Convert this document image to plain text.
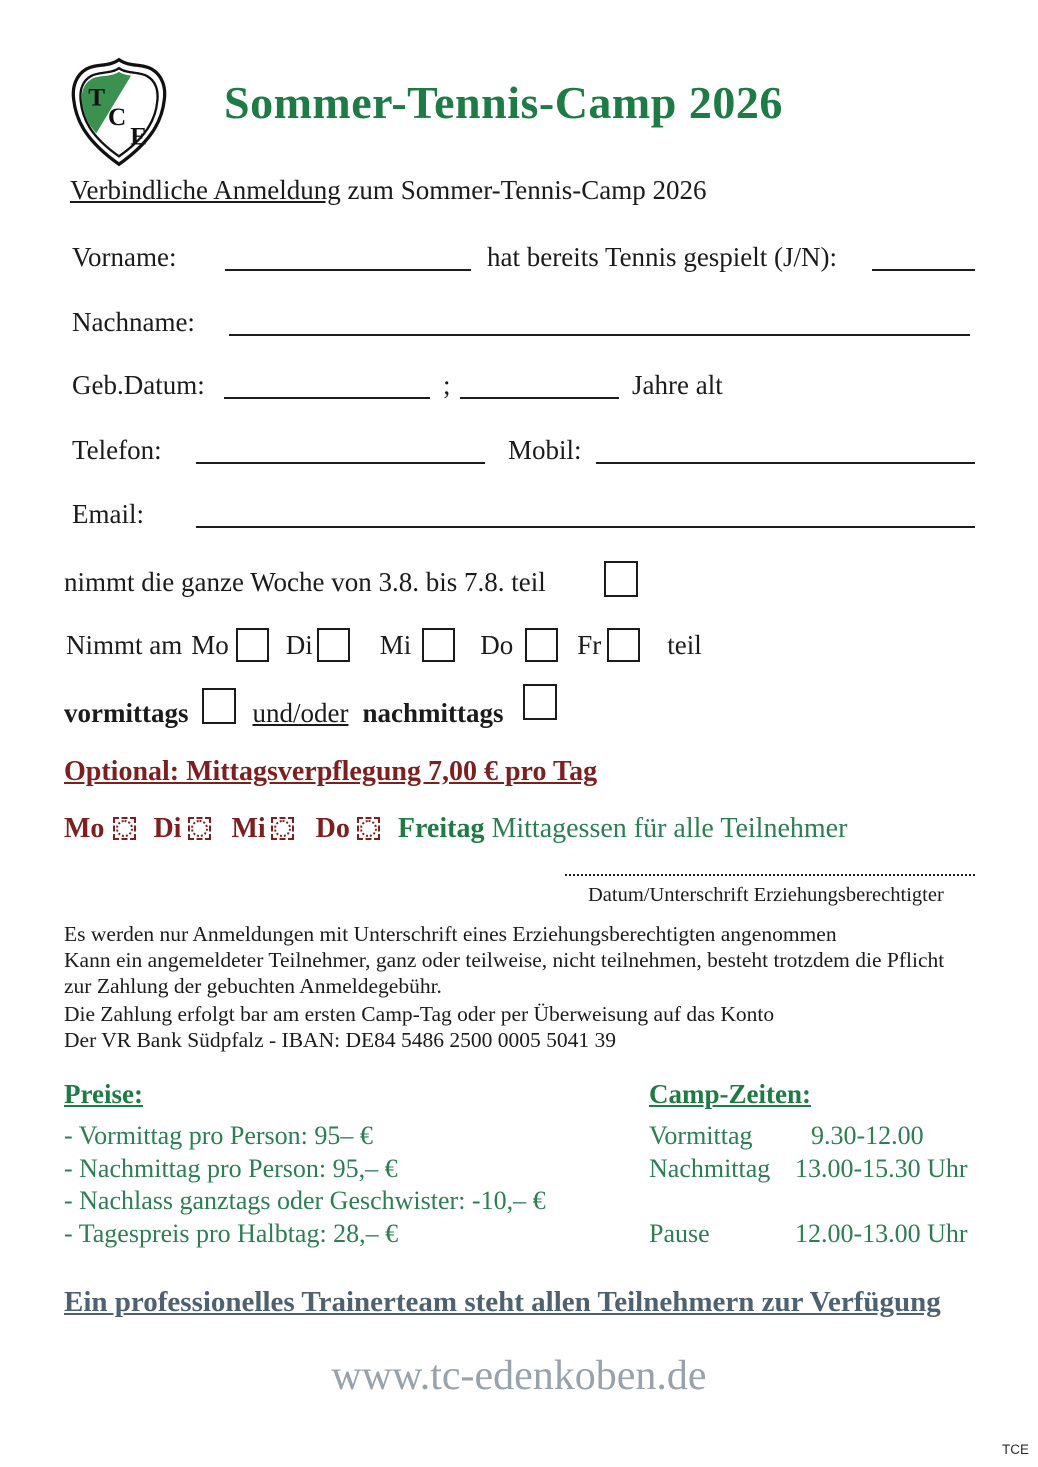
T
C
E
Sommer-Tennis-Camp 2026
Verbindliche Anmeldung zum Sommer-Tennis-Camp 2026
Vorname:	hat bereits Tennis gespielt (J/N):
Nachname:
Geb.Datum:	;	Jahre alt
Telefon:	Mobil:
Email:
nimmt die ganze Woche von 3.8. bis 7.8. teil
Nimmt am Mo Di Mi	Do Fr teil
vormittags und/oder nachmittags
Optional: Mittagsverpflegung 7,00 € pro Tag
Mo Di Mi Do Freitag Mittagessen für alle Teilnehmer
Datum/Unterschrift Erziehungsberechtigter
Es werden nur Anmeldungen mit Unterschrift eines Erziehungsberechtigten angenommen
Kann ein angemeldeter Teilnehmer, ganz oder teilweise, nicht teilnehmen, besteht trotzdem die Pflicht
zur Zahlung der gebuchten Anmeldegebühr.
Die Zahlung erfolgt bar am ersten Camp-Tag oder per Überweisung auf das Konto
Der VR Bank Südpfalz - IBAN: DE84 5486 2500 0005 5041 39
Preise:
- Vormittag pro Person: 95– €
- Nachmittag pro Person: 95,– €
- Nachlass ganztags oder Geschwister: -10,– €
- Tagespreis pro Halbtag: 28,– €
Camp-Zeiten:
Vormittag	9.30-12.00
Nachmittag 13.00-15.30 Uhr

Pause	12.00-13.00 Uhr
Ein professionelles Trainerteam steht allen Teilnehmern zur Verfügung
www.tc-edenkoben.de
TCE
